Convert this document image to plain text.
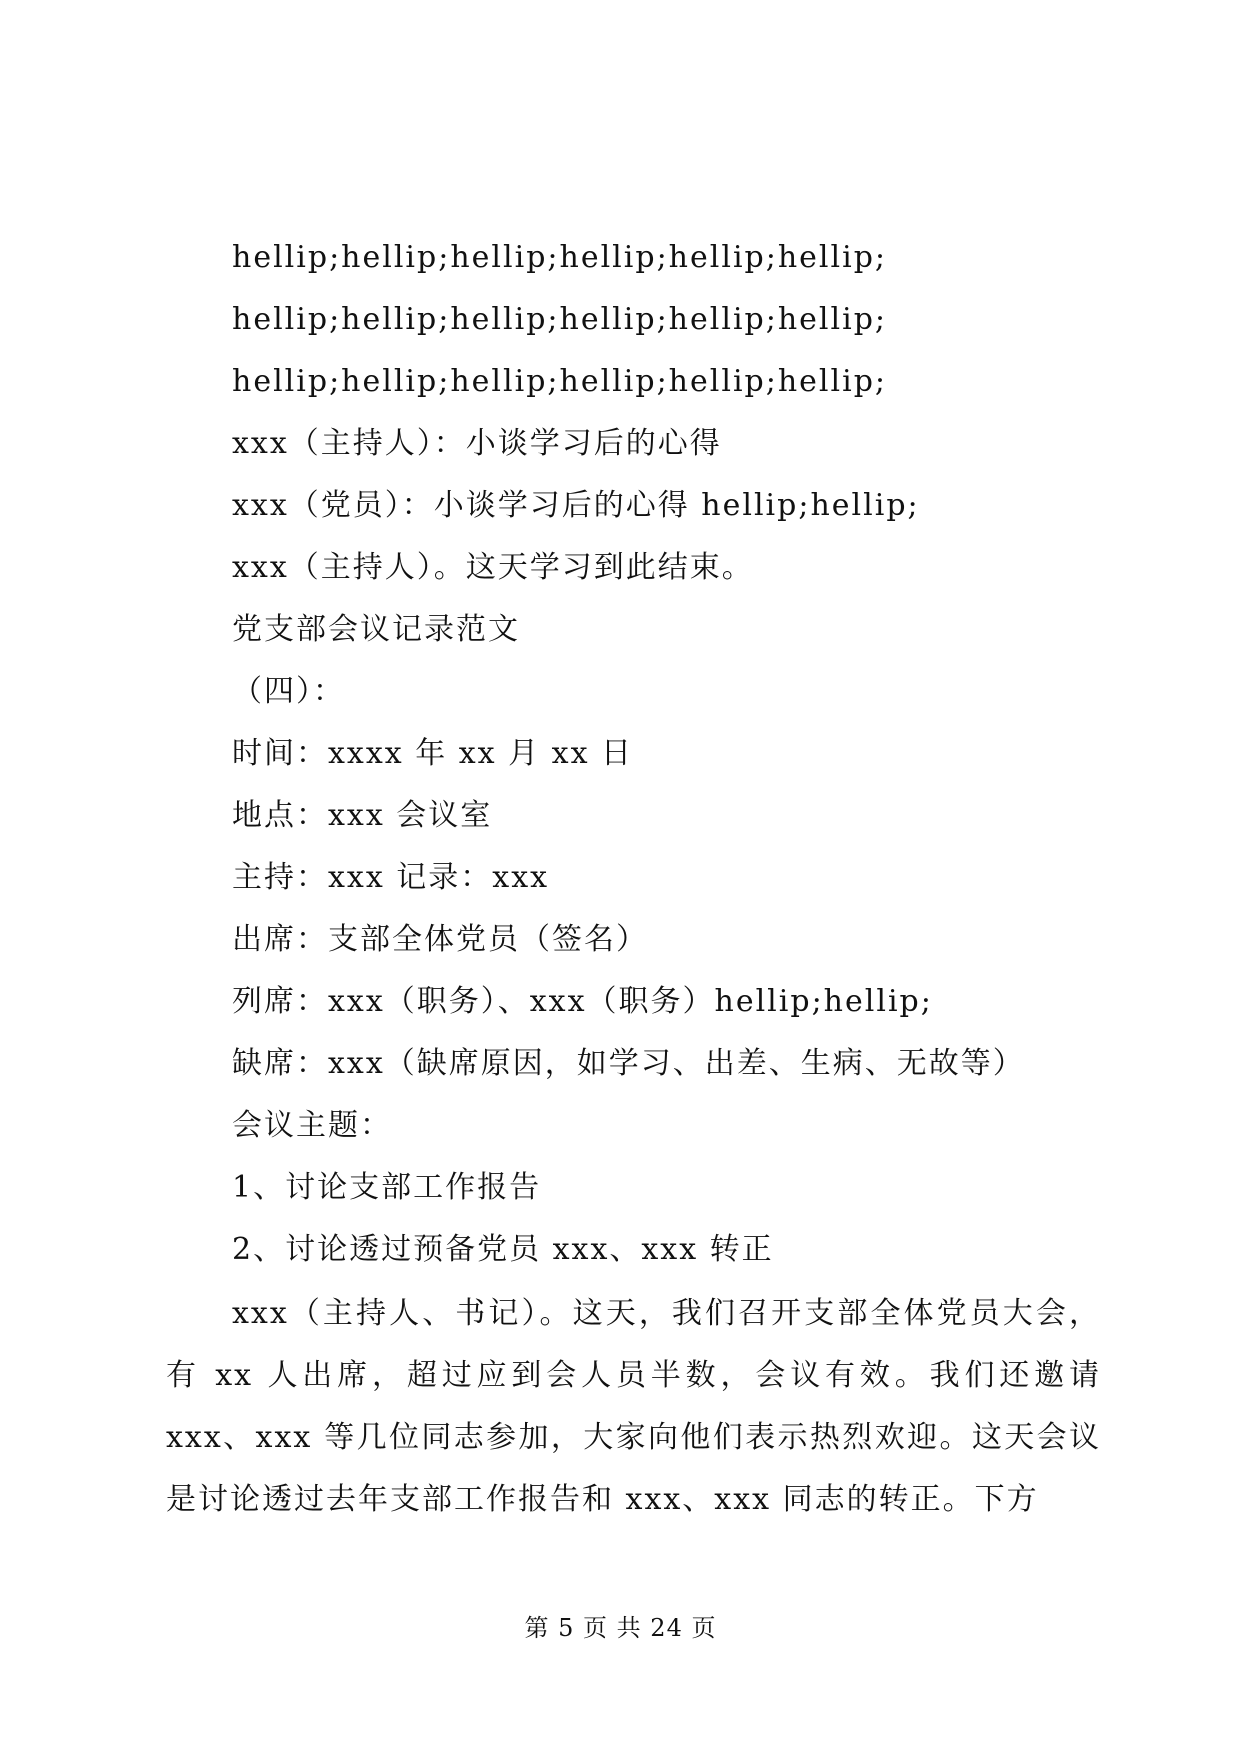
hellip;hellip;hellip;hellip;hellip;hellip;
hellip;hellip;hellip;hellip;hellip;hellip;
hellip;hellip;hellip;hellip;hellip;hellip;
xxx（主持人）：小谈学习后的心得
xxx（党员）：小谈学习后的心得 hellip;hellip;
xxx（主持人）。这天学习到此结束。
党支部会议记录范文
（四）：
时间：xxxx 年 xx 月 xx 日
地点：xxx 会议室
主持：xxx 记录：xxx
出席：支部全体党员（签名）
列席：xxx（职务）、xxx（职务）hellip;hellip;
缺席：xxx（缺席原因，如学习、出差、生病、无故等）
会议主题：
1、讨论支部工作报告
2、讨论透过预备党员 xxx、xxx 转正
xxx（主持人、书记）。这天，我们召开支部全体党员大会，有 xx 人出席，超过应到会人员半数，会议有效。我们还邀请 xxx、xxx 等几位同志参加，大家向他们表示热烈欢迎。这天会议是讨论透过去年支部工作报告和 xxx、xxx 同志的转正。下方
第 5 页 共 24 页
